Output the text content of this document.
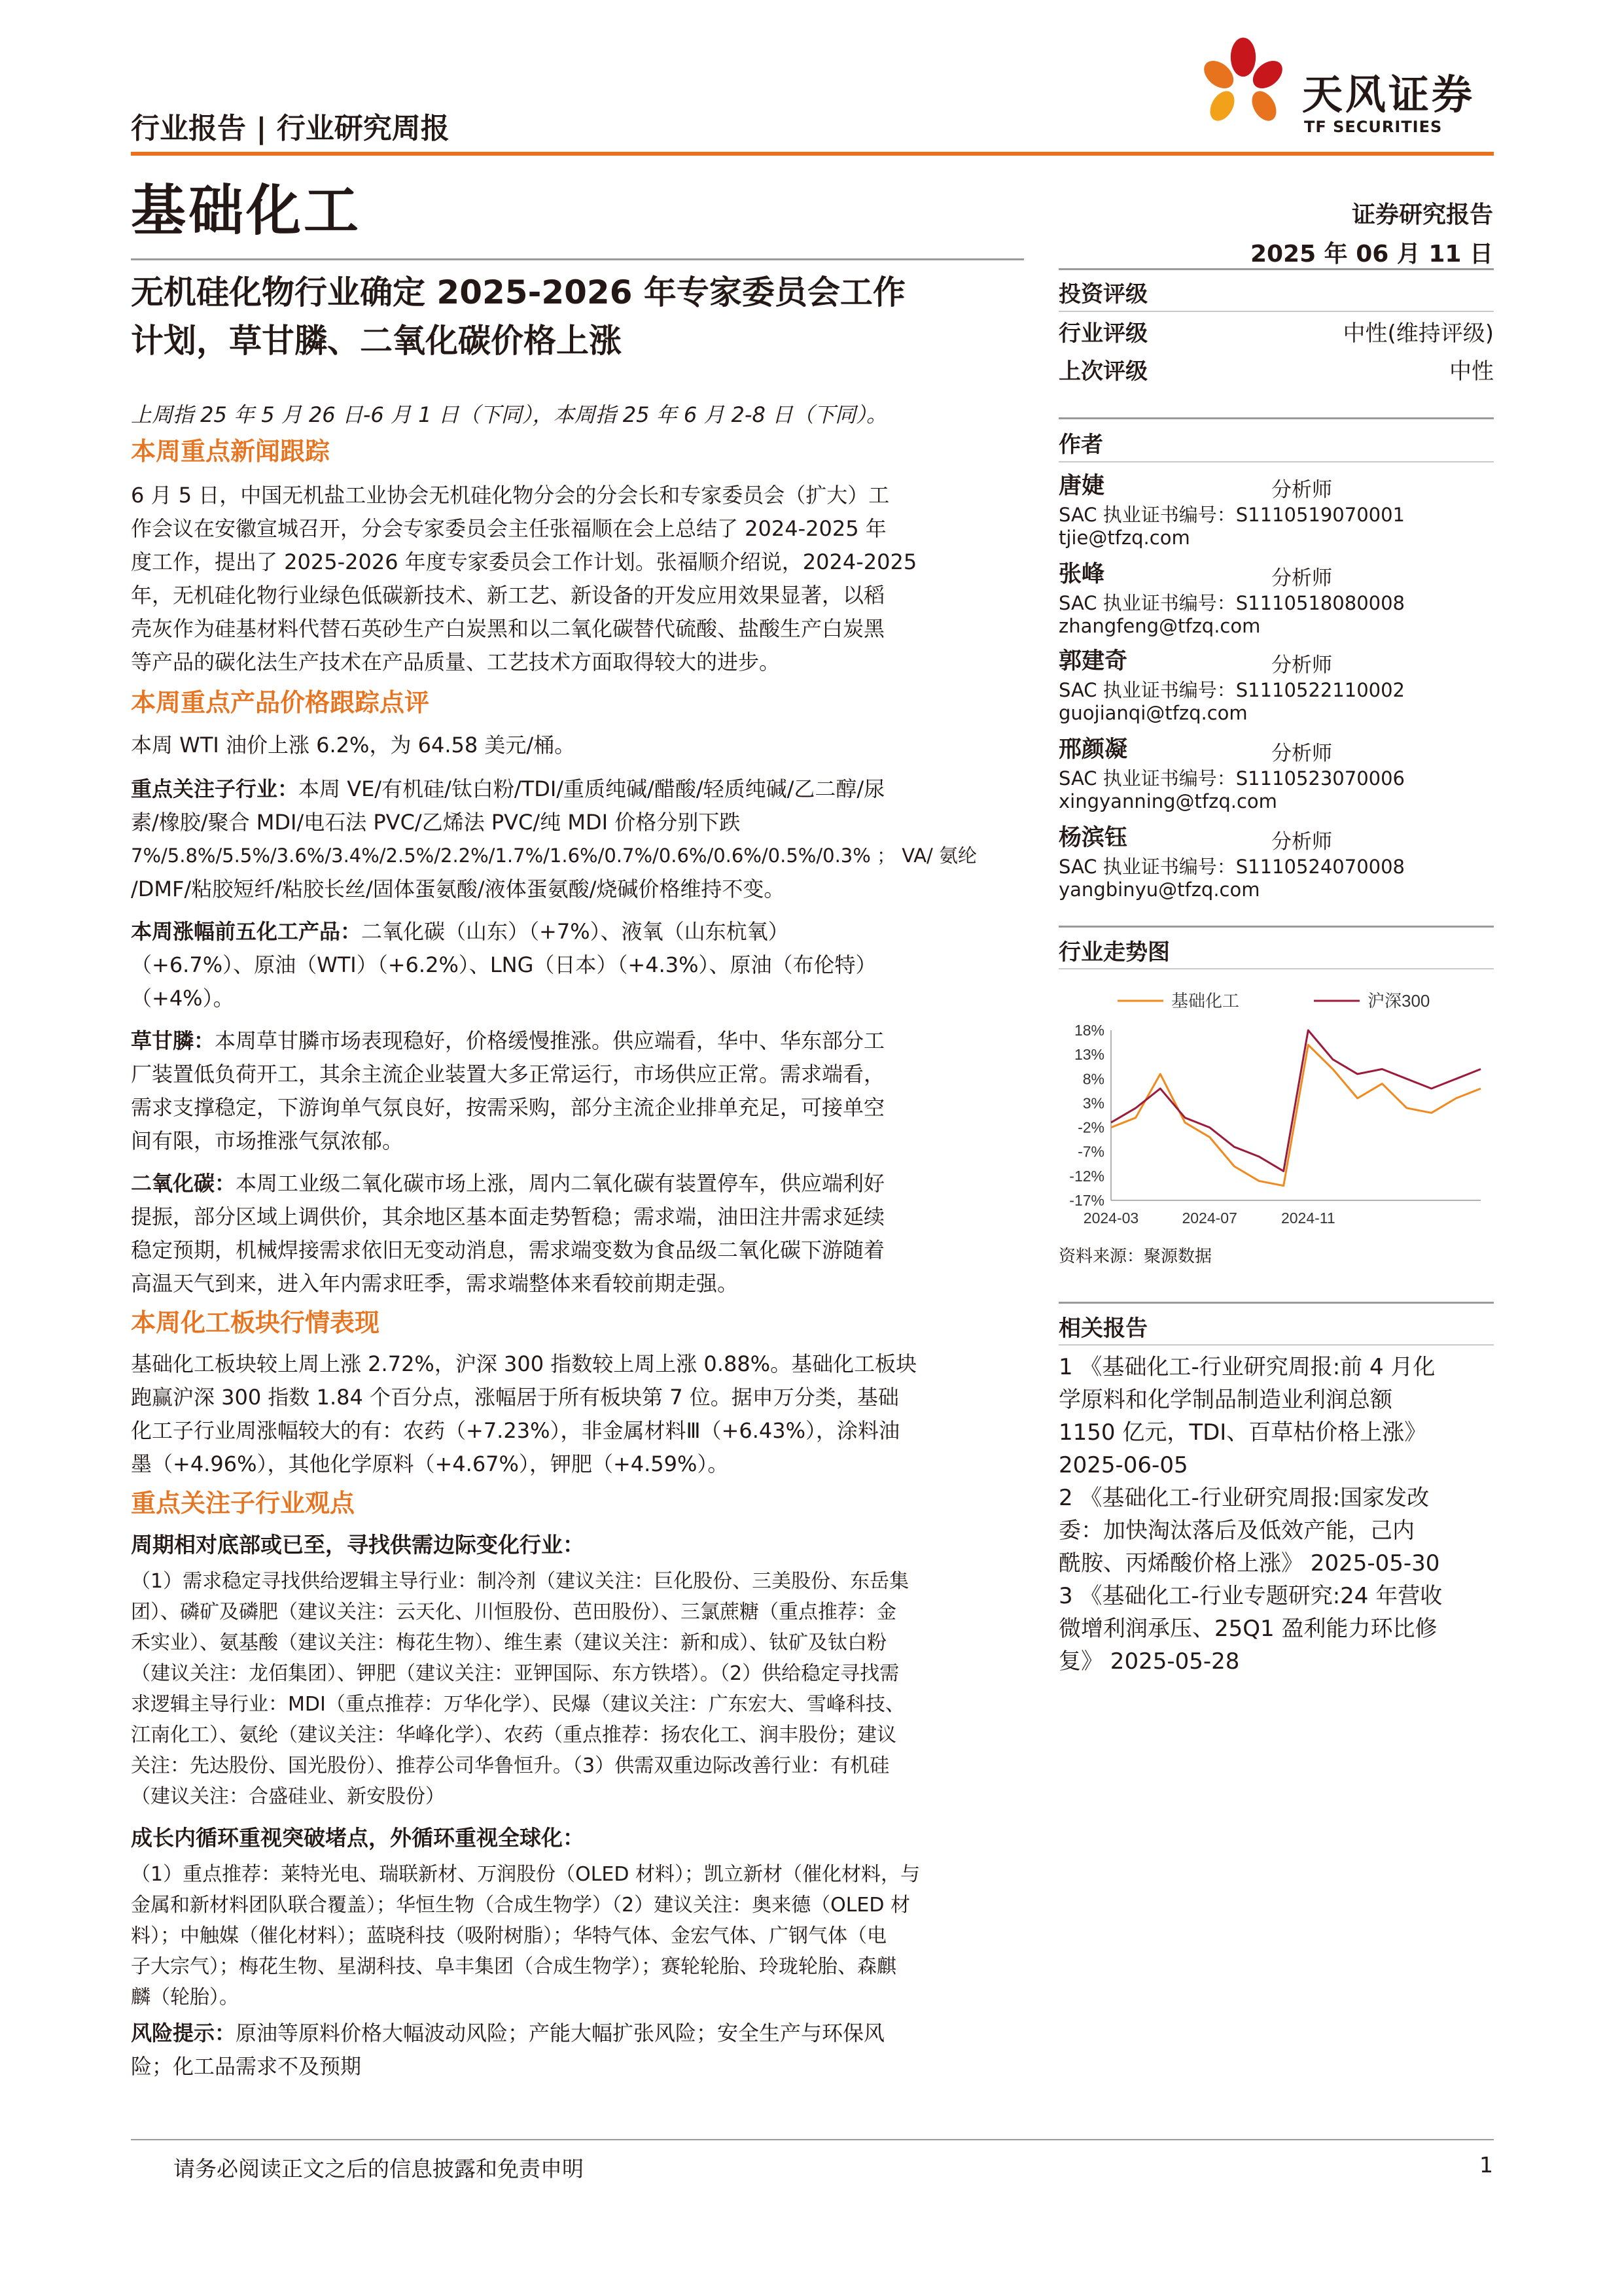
行业报告 | 行业研究周报
天风证券
TF SECURITIES
基础化工	证券研究报告
2025 年 06 月 11 日
无机硅化物行业确定 2025-2026 年专家委员会工作
计划，草甘膦、二氧化碳价格上涨
投资评级
行业评级	中性(维持评级)
上次评级	中性
作者
唐婕	分析师
SAC 执业证书编号：S1110519070001
tjie@tfzq.com
张峰	分析师
SAC 执业证书编号：S1110518080008
zhangfeng@tfzq.com
郭建奇	分析师
SAC 执业证书编号：S1110522110002
guojianqi@tfzq.com
邢颜凝	分析师
SAC 执业证书编号：S1110523070006
xingyanning@tfzq.com
杨滨钰	分析师
SAC 执业证书编号：S1110524070008
yangbinyu@tfzq.com
行业走势图
基础化工	沪深300
18%
13%
8%
3%
-2%
-7%
-12%
-17%
2024-03	2024-07	2024-11
资料来源：聚源数据
相关报告
1 《基础化工-行业研究周报:前 4 月化
学原料和化学制品制造业利润总额
1150 亿元，TDI、百草枯价格上涨》
2025-06-05
2 《基础化工-行业研究周报:国家发改
委：加快淘汰落后及低效产能，己内
酰胺、丙烯酸价格上涨》 2025-05-30
3 《基础化工-行业专题研究:24 年营收
微增利润承压、25Q1 盈利能力环比修
复》 2025-05-28
上周指 25 年 5 月 26 日-6 月 1 日（下同），本周指 25 年 6 月 2-8 日（下同）。
本周重点新闻跟踪
6 月 5 日，中国无机盐工业协会无机硅化物分会的分会长和专家委员会（扩大）工
作会议在安徽宣城召开，分会专家委员会主任张福顺在会上总结了 2024-2025 年
度工作，提出了 2025-2026 年度专家委员会工作计划。张福顺介绍说，2024-2025
年，无机硅化物行业绿色低碳新技术、新工艺、新设备的开发应用效果显著，以稻
壳灰作为硅基材料代替石英砂生产白炭黑和以二氧化碳替代硫酸、盐酸生产白炭黑
等产品的碳化法生产技术在产品质量、工艺技术方面取得较大的进步。
本周重点产品价格跟踪点评
本周 WTI 油价上涨 6.2%，为 64.58 美元/桶。
重点关注子行业：本周 VE/有机硅/钛白粉/TDI/重质纯碱/醋酸/轻质纯碱/乙二醇/尿
素/橡胶/聚合 MDI/电石法 PVC/乙烯法 PVC/纯 MDI 价格分别下跌
7%/5.8%/5.5%/3.6%/3.4%/2.5%/2.2%/1.7%/1.6%/0.7%/0.6%/0.6%/0.5%/0.3% ； VA/ 氨纶
/DMF/粘胶短纤/粘胶长丝/固体蛋氨酸/液体蛋氨酸/烧碱价格维持不变。
本周涨幅前五化工产品：二氧化碳（山东）（+7%）、液氧（山东杭氧）
（+6.7%）、原油（WTI）（+6.2%）、LNG（日本）（+4.3%）、原油（布伦特）
（+4%）。
草甘膦：本周草甘膦市场表现稳好，价格缓慢推涨。供应端看，华中、华东部分工
厂装置低负荷开工，其余主流企业装置大多正常运行，市场供应正常。需求端看，
需求支撑稳定，下游询单气氛良好，按需采购，部分主流企业排单充足，可接单空
间有限，市场推涨气氛浓郁。
二氧化碳：本周工业级二氧化碳市场上涨，周内二氧化碳有装置停车，供应端利好
提振，部分区域上调供价，其余地区基本面走势暂稳；需求端，油田注井需求延续
稳定预期，机械焊接需求依旧无变动消息，需求端变数为食品级二氧化碳下游随着
高温天气到来，进入年内需求旺季，需求端整体来看较前期走强。
本周化工板块行情表现
基础化工板块较上周上涨 2.72%，沪深 300 指数较上周上涨 0.88%。基础化工板块
跑赢沪深 300 指数 1.84 个百分点，涨幅居于所有板块第 7 位。据申万分类，基础
化工子行业周涨幅较大的有：农药（+7.23%），非金属材料Ⅲ（+6.43%），涂料油
墨（+4.96%），其他化学原料（+4.67%），钾肥（+4.59%）。
重点关注子行业观点
周期相对底部或已至，寻找供需边际变化行业：
（1）需求稳定寻找供给逻辑主导行业：制冷剂（建议关注：巨化股份、三美股份、东岳集
团）、磷矿及磷肥（建议关注：云天化、川恒股份、芭田股份）、三氯蔗糖（重点推荐：金
禾实业）、氨基酸（建议关注：梅花生物）、维生素（建议关注：新和成）、钛矿及钛白粉
（建议关注：龙佰集团）、钾肥（建议关注：亚钾国际、东方铁塔）。（2）供给稳定寻找需
求逻辑主导行业：MDI（重点推荐：万华化学）、民爆（建议关注：广东宏大、雪峰科技、
江南化工）、氨纶（建议关注：华峰化学）、农药（重点推荐：扬农化工、润丰股份；建议
关注：先达股份、国光股份）、推荐公司华鲁恒升。（3）供需双重边际改善行业：有机硅
（建议关注：合盛硅业、新安股份）
成长内循环重视突破堵点，外循环重视全球化：
（1）重点推荐：莱特光电、瑞联新材、万润股份（OLED 材料）；凯立新材（催化材料，与
金属和新材料团队联合覆盖）；华恒生物（合成生物学）（2）建议关注：奥来德（OLED 材
料）；中触媒（催化材料）；蓝晓科技（吸附树脂）；华特气体、金宏气体、广钢气体（电
子大宗气）；梅花生物、星湖科技、阜丰集团（合成生物学）；赛轮轮胎、玲珑轮胎、森麒
麟（轮胎）。
风险提示：原油等原料价格大幅波动风险；产能大幅扩张风险；安全生产与环保风
险；化工品需求不及预期
请务必阅读正文之后的信息披露和免责申明	1
